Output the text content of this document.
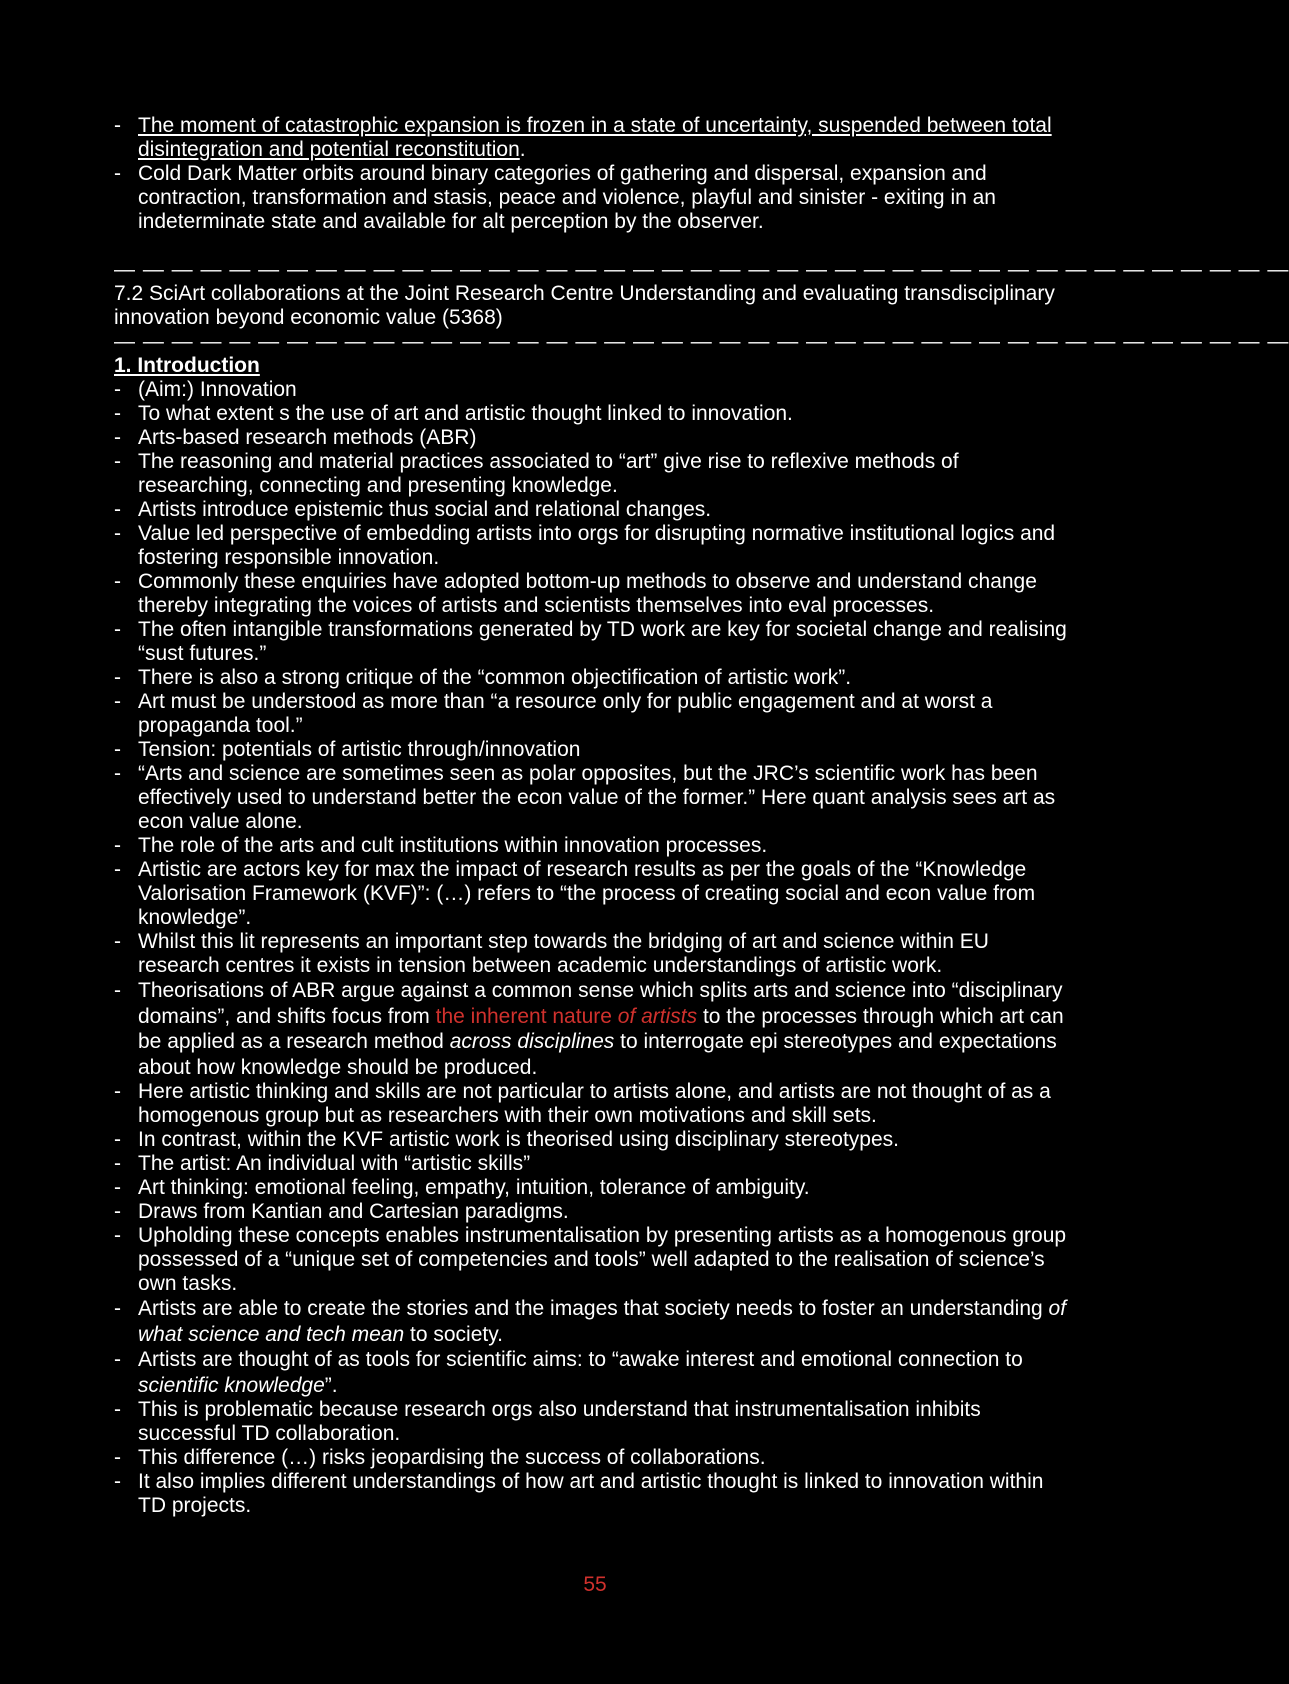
- The moment of catastrophic expansion is frozen in a state of uncertainty, suspended between total disintegration and potential reconstitution.
- Cold Dark Matter orbits around binary categories of gathering and dispersal, expansion and contraction, transformation and stasis, peace and violence, playful and sinister - exiting in an indeterminate state and available for alt perception by the observer.
— — — — — — — — — — — — — — — — — — — — — — — — — — — — — — — — — — — — — — — — —
7.2 SciArt collaborations at the Joint Research Centre Understanding and evaluating transdisciplinary innovation beyond economic value (5368)
— — — — — — — — — — — — — — — — — — — — — — — — — — — — — — — — — — — — — — — — —
1. Introduction
- (Aim:) Innovation
- To what extent s the use of art and artistic thought linked to innovation.
- Arts-based research methods (ABR)
- The reasoning and material practices associated to “art” give rise to reflexive methods of researching, connecting and presenting knowledge.
- Artists introduce epistemic thus social and relational changes.
- Value led perspective of embedding artists into orgs for disrupting normative institutional logics and fostering responsible innovation.
- Commonly these enquiries have adopted bottom-up methods to observe and understand change thereby integrating the voices of artists and scientists themselves into eval processes.
- The often intangible transformations generated by TD work are key for societal change and realising “sust futures.”
- There is also a strong critique of the “common objectification of artistic work”.
- Art must be understood as more than “a resource only for public engagement and at worst a propaganda tool.”
- Tension: potentials of artistic through/innovation
- “Arts and science are sometimes seen as polar opposites, but the JRC’s scientific work has been effectively used to understand better the econ value of the former.” Here quant analysis sees art as econ value alone.
- The role of the arts and cult institutions within innovation processes.
- Artistic are actors key for max the impact of research results as per the goals of the “Knowledge Valorisation Framework (KVF)”: (…) refers to “the process of creating social and econ value from knowledge”.
- Whilst this lit represents an important step towards the bridging of art and science within EU research centres it exists in tension between academic understandings of artistic work.
- Theorisations of ABR argue against a common sense which splits arts and science into “disciplinary domains”, and shifts focus from the inherent nature of artists to the processes through which art can be applied as a research method across disciplines to interrogate epi stereotypes and expectations about how knowledge should be produced.
- Here artistic thinking and skills are not particular to artists alone, and artists are not thought of as a homogenous group but as researchers with their own motivations and skill sets.
- In contrast, within the KVF artistic work is theorised using disciplinary stereotypes.
- The artist: An individual with “artistic skills”
- Art thinking: emotional feeling, empathy, intuition, tolerance of ambiguity.
- Draws from Kantian and Cartesian paradigms.
- Upholding these concepts enables instrumentalisation by presenting artists as a homogenous group possessed of a “unique set of competencies and tools” well adapted to the realisation of science’s own tasks.
- Artists are able to create the stories and the images that society needs to foster an understanding of what science and tech mean to society.
- Artists are thought of as tools for scientific aims: to “awake interest and emotional connection to scientific knowledge”.
- This is problematic because research orgs also understand that instrumentalisation inhibits successful TD collaboration.
- This difference (…) risks jeopardising the success of collaborations.
- It also implies different understandings of how art and artistic thought is linked to innovation within TD projects.
55
